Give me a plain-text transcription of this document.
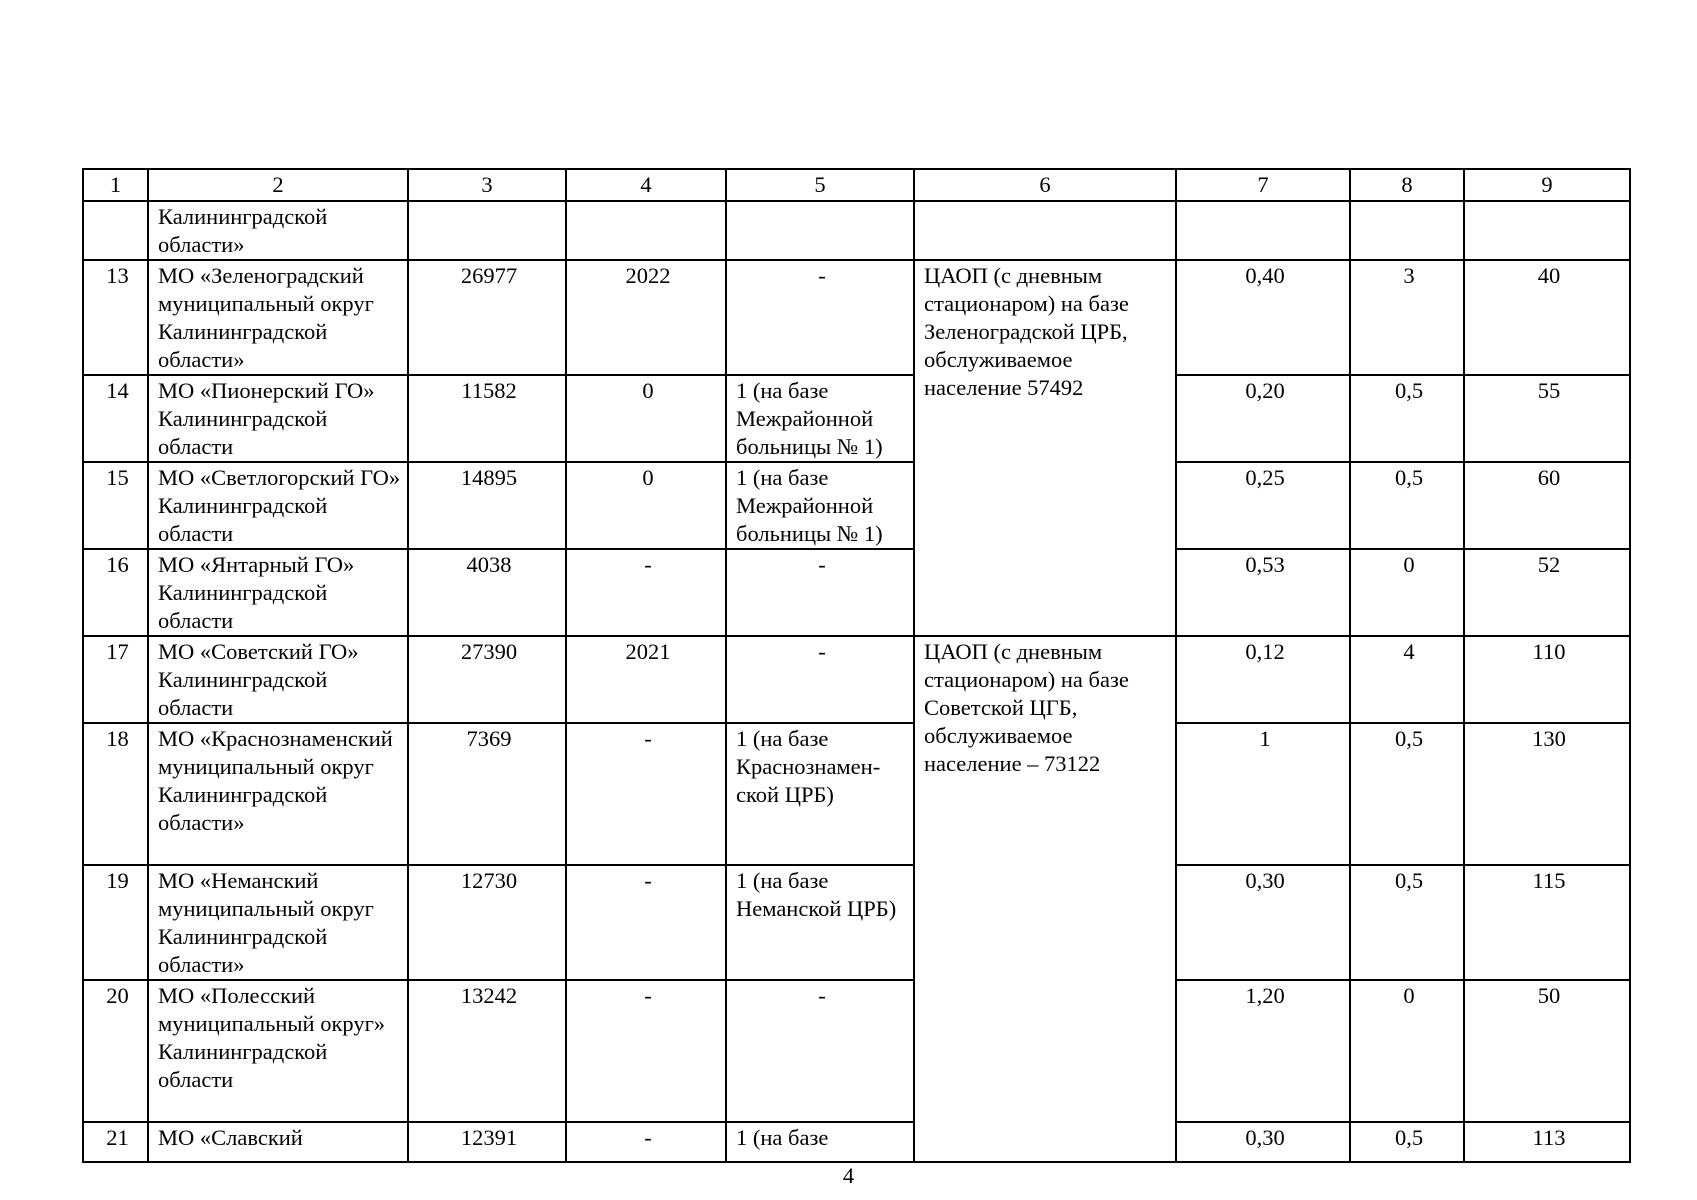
1	2	3	4	5	6	7	8	9
	Калининградской области»							
13	МО «Зеленоградский муниципальный округ Калининградской области»	26977	2022	-	ЦАОП (с дневным стационаром) на базе Зеленоградской ЦРБ, обслуживаемое население 57492	0,40	3	40
14	МО «Пионерский ГО» Калининградской области	11582	0	1 (на базе Межрайонной больницы № 1)		0,20	0,5	55
15	МО «Светлогорский ГО» Калининградской области	14895	0	1 (на базе Межрайонной больницы № 1)		0,25	0,5	60
16	МО «Янтарный ГО» Калининградской области	4038	-	-		0,53	0	52
17	МО «Советский ГО» Калининградской области	27390	2021	-	ЦАОП (с дневным стационаром) на базе Советской ЦГБ, обслуживаемое население – 73122	0,12	4	110
18	МО «Краснознаменский муниципальный округ Калининградской области»	7369	-	1 (на базе Краснознамен-ской ЦРБ)		1	0,5	130
19	МО «Неманский муниципальный округ Калининградской области»	12730	-	1 (на базе Неманской ЦРБ)		0,30	0,5	115
20	МО «Полесский муниципальный округ» Калининградской области	13242	-	-		1,20	0	50
21	МО «Славский	12391	-	1 (на базе		0,30	0,5	113
4
